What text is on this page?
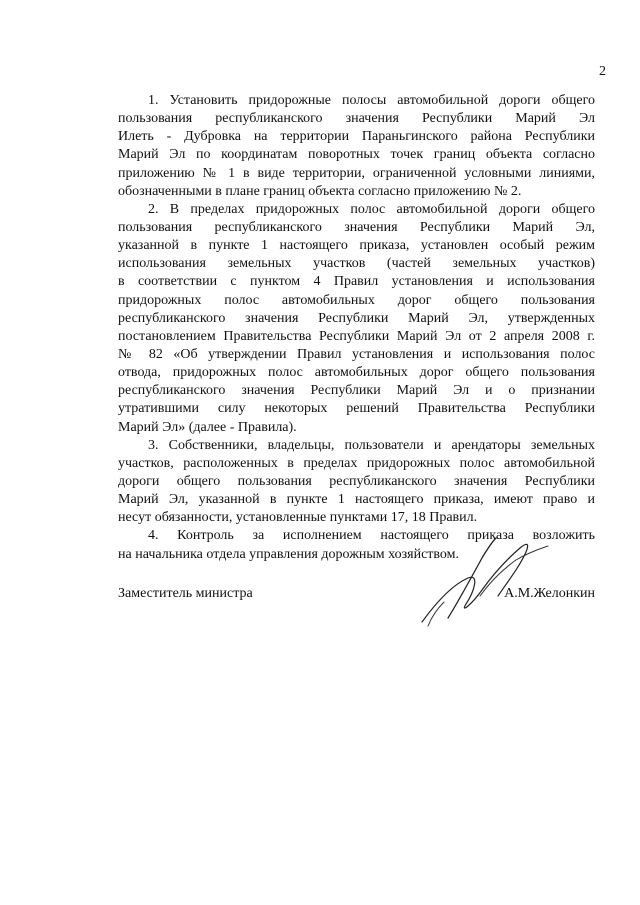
2
1. Установить придорожные полосы автомобильной дороги общего
пользования республиканского значения Республики Марий Эл
Илеть - Дубровка на территории Параньгинского района Республики
Марий Эл по координатам поворотных точек границ объекта согласно
приложению № 1 в виде территории, ограниченной условными линиями,
обозначенными в плане границ объекта согласно приложению № 2.
2. В пределах придорожных полос автомобильной дороги общего
пользования республиканского значения Республики Марий Эл,
указанной в пункте 1 настоящего приказа, установлен особый режим
использования земельных участков (частей земельных участков)
в соответствии с пунктом 4 Правил установления и использования
придорожных полос автомобильных дорог общего пользования
республиканского значения Республики Марий Эл, утвержденных
постановлением Правительства Республики Марий Эл от 2 апреля 2008 г.
№ 82 «Об утверждении Правил установления и использования полос
отвода, придорожных полос автомобильных дорог общего пользования
республиканского значения Республики Марий Эл и о признании
утратившими силу некоторых решений Правительства Республики
Марий Эл» (далее - Правила).
3. Собственники, владельцы, пользователи и арендаторы земельных
участков, расположенных в пределах придорожных полос автомобильной
дороги общего пользования республиканского значения Республики
Марий Эл, указанной в пункте 1 настоящего приказа, имеют право и
несут обязанности, установленные пунктами 17, 18 Правил.
4. Контроль за исполнением настоящего приказа возложить
на начальника отдела управления дорожным хозяйством.
Заместитель министра	А.М.Желонкин
